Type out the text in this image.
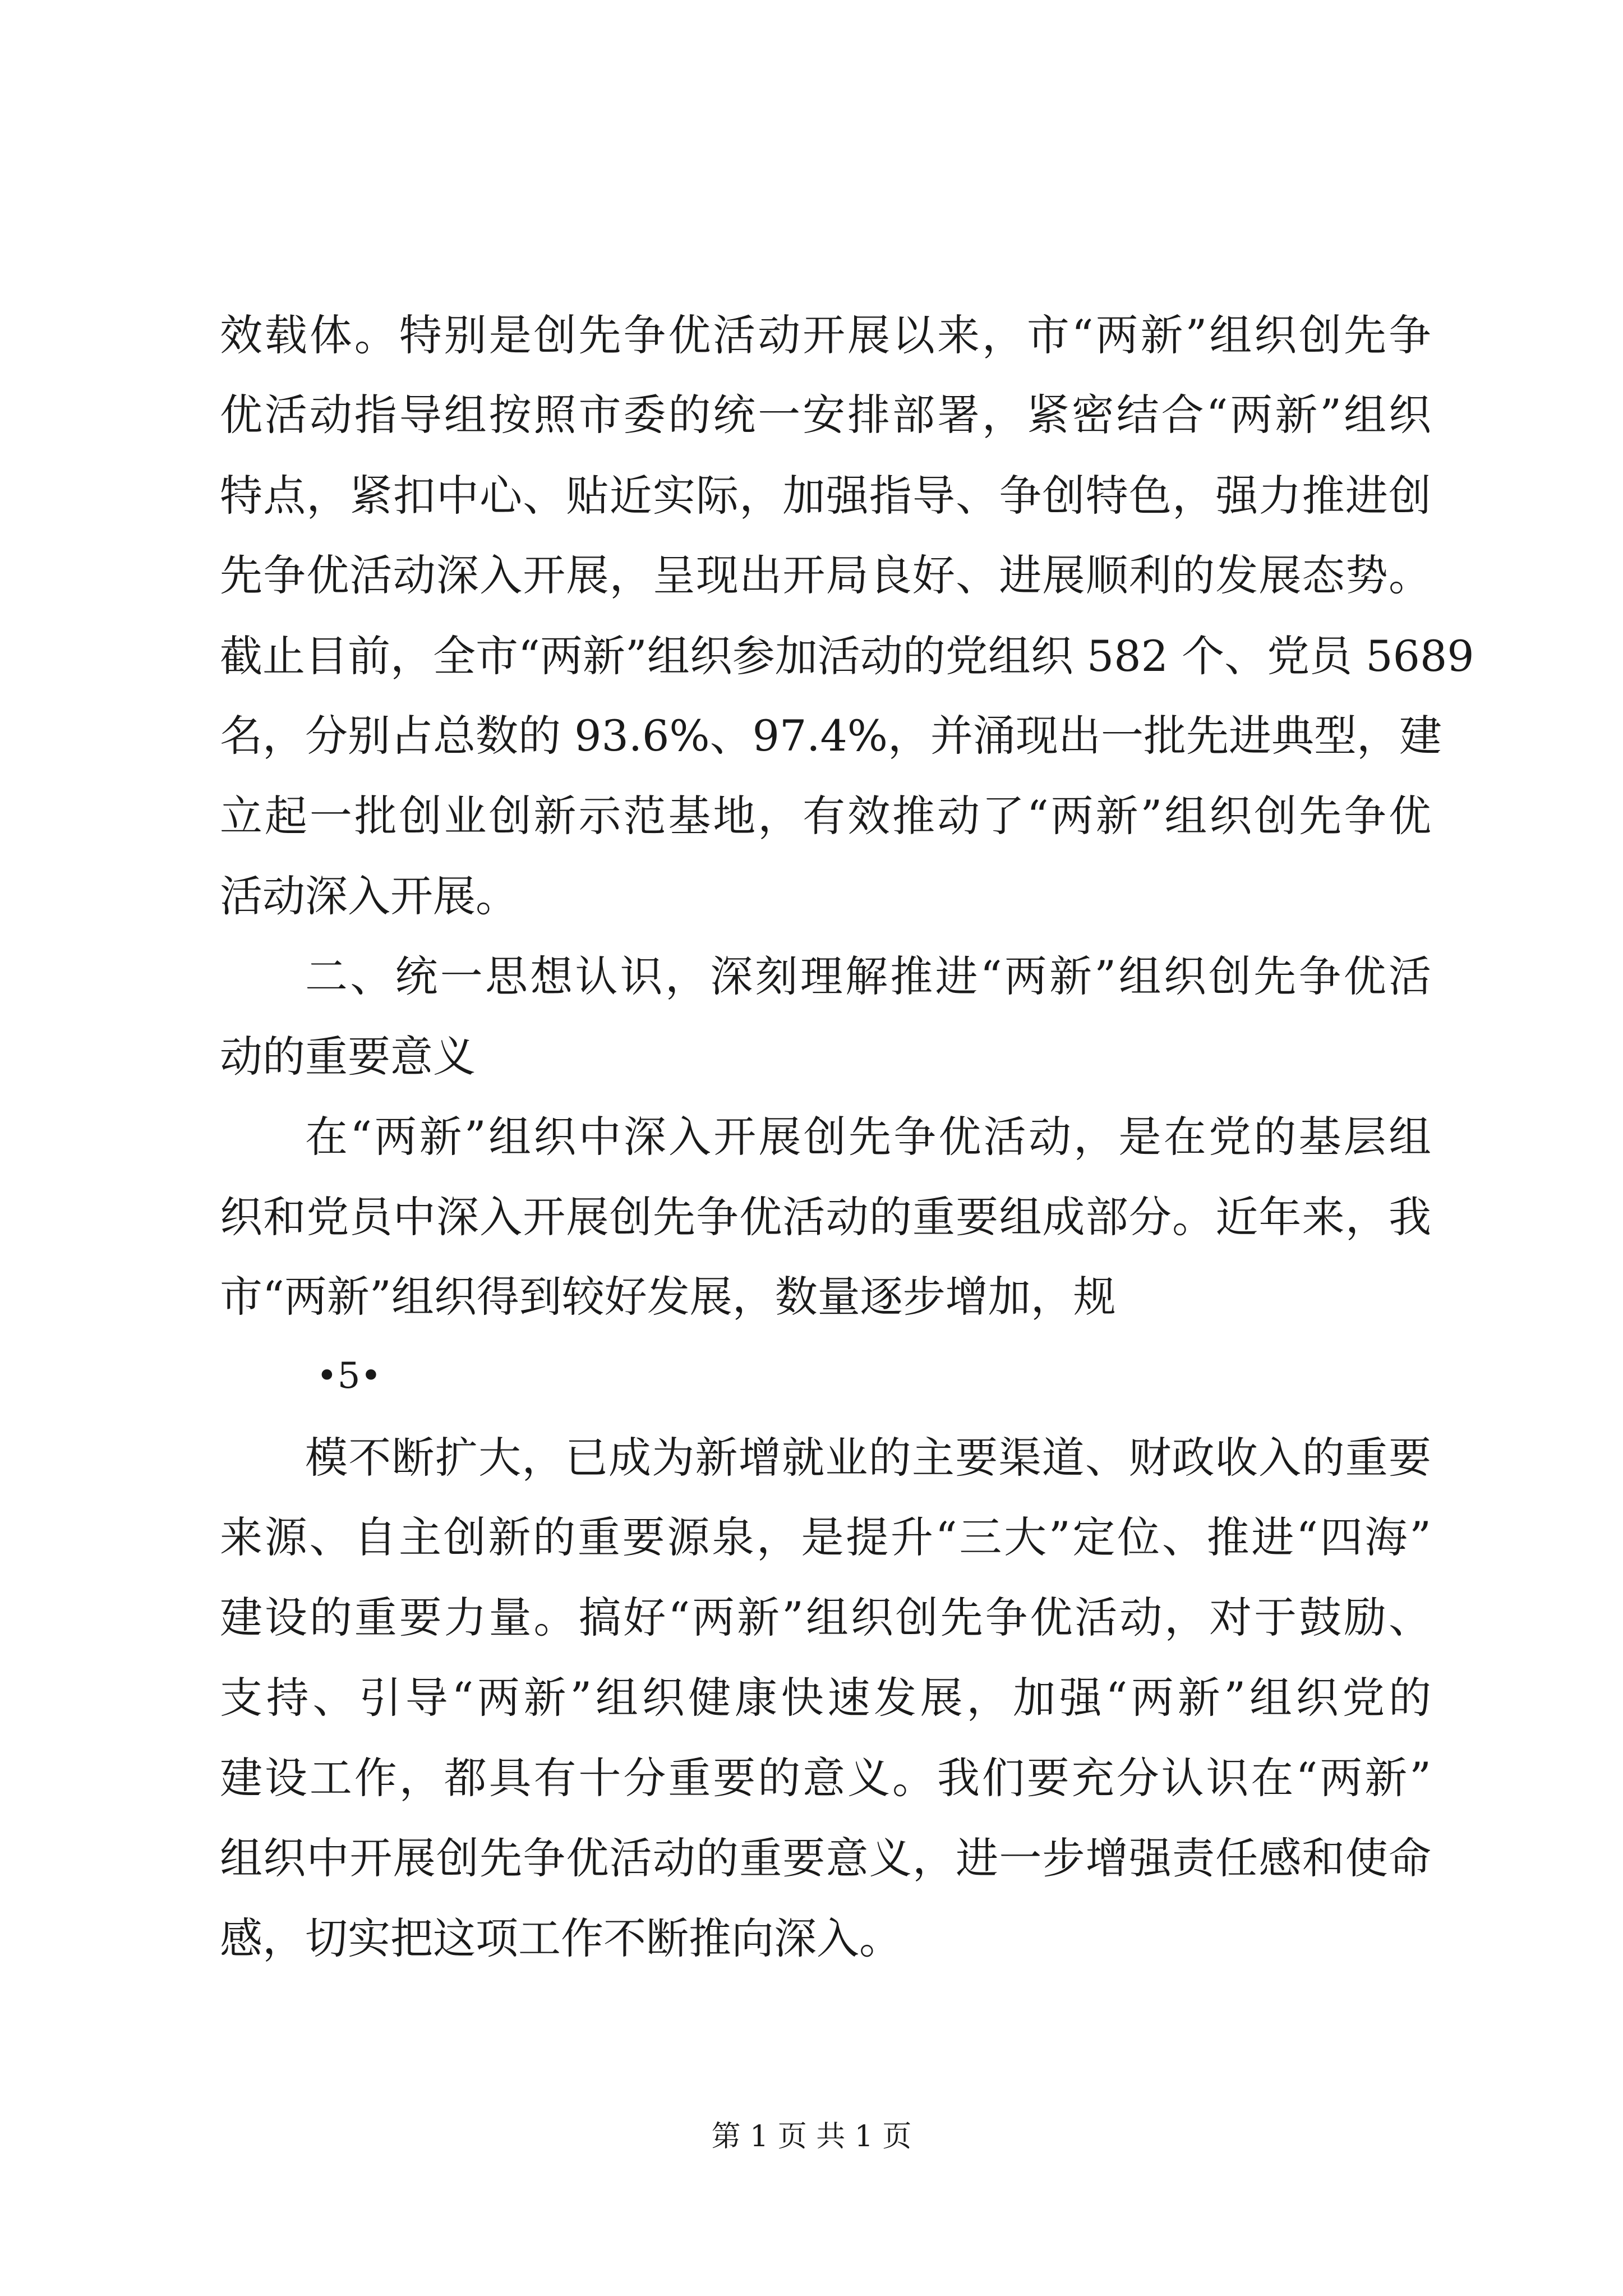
效载体。特别是创先争优活动开展以来，市“两新”组织创先争
优活动指导组按照市委的统一安排部署，紧密结合“两新”组织
特点，紧扣中心、贴近实际，加强指导、争创特色，强力推进创
先争优活动深入开展，呈现出开局良好、进展顺利的发展态势。
截止目前，全市“两新”组织参加活动的党组织 582 个、党员 5689
名，分别占总数的 93.6%、97.4%，并涌现出一批先进典型，建
立起一批创业创新示范基地，有效推动了“两新”组织创先争优
活动深入开展。
二、统一思想认识，深刻理解推进“两新”组织创先争优活
动的重要意义
在“两新”组织中深入开展创先争优活动，是在党的基层组
织和党员中深入开展创先争优活动的重要组成部分。近年来，我
市“两新”组织得到较好发展，数量逐步增加，规
•5•
模不断扩大，已成为新增就业的主要渠道、财政收入的重要
来源、自主创新的重要源泉，是提升“三大”定位、推进“四海”
建设的重要力量。搞好“两新”组织创先争优活动，对于鼓励、
支持、引导“两新”组织健康快速发展，加强“两新”组织党的
建设工作，都具有十分重要的意义。我们要充分认识在“两新”
组织中开展创先争优活动的重要意义，进一步增强责任感和使命
感，切实把这项工作不断推向深入。
第 1 页 共 1 页
